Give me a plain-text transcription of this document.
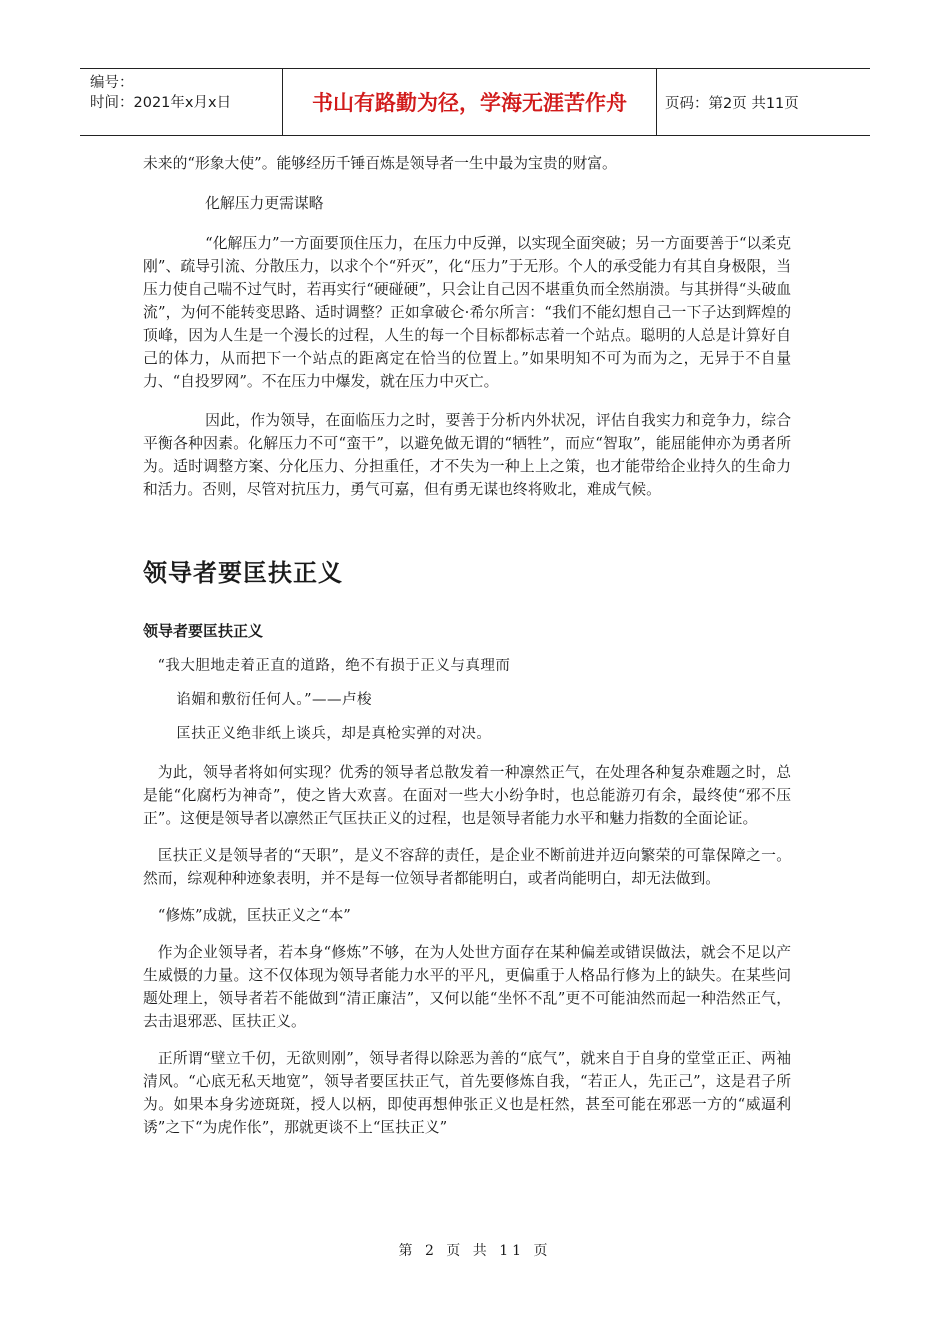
编号：
时间：2021年x月x日	书山有路勤为径，学海无涯苦作舟	页码：第2页 共11页

未来的“形象大使”。能够经历千锤百炼是领导者一生中最为宝贵的财富。

化解压力更需谋略

“化解压力”一方面要顶住压力，在压力中反弹，以实现全面突破；另一方面要善于“以柔克刚”、疏导引流、分散压力，以求个个“歼灭”，化“压力”于无形。个人的承受能力有其自身极限，当压力使自己喘不过气时，若再实行“硬碰硬”，只会让自己因不堪重负而全然崩溃。与其拼得“头破血流”，为何不能转变思路、适时调整？正如拿破仑·希尔所言：“我们不能幻想自己一下子达到辉煌的顶峰，因为人生是一个漫长的过程，人生的每一个目标都标志着一个站点。聪明的人总是计算好自己的体力，从而把下一个站点的距离定在恰当的位置上。”如果明知不可为而为之，无异于不自量力、“自投罗网”。不在压力中爆发，就在压力中灭亡。

因此，作为领导，在面临压力之时，要善于分析内外状况，评估自我实力和竞争力，综合平衡各种因素。化解压力不可“蛮干”，以避免做无谓的“牺牲”，而应“智取”，能屈能伸亦为勇者所为。适时调整方案、分化压力、分担重任，才不失为一种上上之策，也才能带给企业持久的生命力和活力。否则，尽管对抗压力，勇气可嘉，但有勇无谋也终将败北，难成气候。

领导者要匡扶正义
领导者要匡扶正义

“我大胆地走着正直的道路，绝不有损于正义与真理而

谄媚和敷衍任何人。”——卢梭

匡扶正义绝非纸上谈兵，却是真枪实弹的对决。

为此，领导者将如何实现？优秀的领导者总散发着一种凛然正气，在处理各种复杂难题之时，总是能“化腐朽为神奇”，使之皆大欢喜。在面对一些大小纷争时，也总能游刃有余，最终使“邪不压正”。这便是领导者以凛然正气匡扶正义的过程，也是领导者能力水平和魅力指数的全面论证。

匡扶正义是领导者的“天职”，是义不容辞的责任，是企业不断前进并迈向繁荣的可靠保障之一。然而，综观种种迹象表明，并不是每一位领导者都能明白，或者尚能明白，却无法做到。

“修炼”成就，匡扶正义之“本”

作为企业领导者，若本身“修炼”不够，在为人处世方面存在某种偏差或错误做法，就会不足以产生威慑的力量。这不仅体现为领导者能力水平的平凡，更偏重于人格品行修为上的缺失。在某些问题处理上，领导者若不能做到“清正廉洁”，又何以能“坐怀不乱”更不可能油然而起一种浩然正气，去击退邪恶、匡扶正义。

正所谓“壁立千仞，无欲则刚”，领导者得以除恶为善的“底气”，就来自于自身的堂堂正正、两袖清风。“心底无私天地宽”，领导者要匡扶正气，首先要修炼自我，“若正人，先正己”，这是君子所为。如果本身劣迹斑斑，授人以柄，即使再想伸张正义也是枉然，甚至可能在邪恶一方的“威逼利诱”之下“为虎作伥”，那就更谈不上“匡扶正义”

第 2 页 共 11 页
